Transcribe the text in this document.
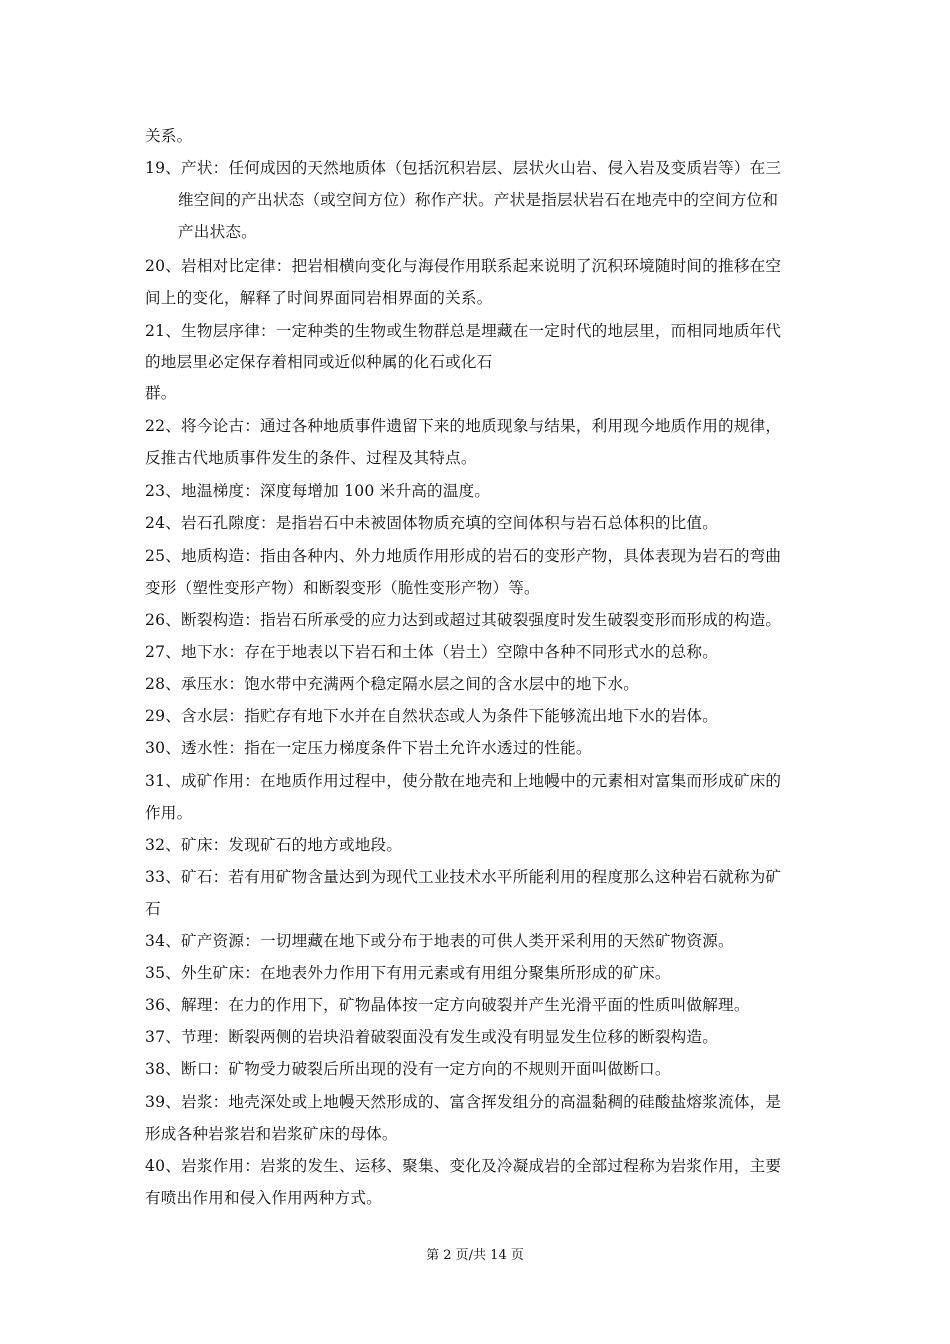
关系。
19、产状：任何成因的天然地质体（包括沉积岩层、层状火山岩、侵入岩及变质岩等）在三
维空间的产出状态（或空间方位）称作产状。产状是指层状岩石在地壳中的空间方位和
产出状态。
20、岩相对比定律：把岩相横向变化与海侵作用联系起来说明了沉积环境随时间的推移在空
间上的变化，解释了时间界面同岩相界面的关系。
21、生物层序律：一定种类的生物或生物群总是埋藏在一定时代的地层里，而相同地质年代
的地层里必定保存着相同或近似种属的化石或化石
群。
22、将今论古：通过各种地质事件遗留下来的地质现象与结果，利用现今地质作用的规律，
反推古代地质事件发生的条件、过程及其特点。
23、地温梯度：深度每增加 100 米升高的温度。
24、岩石孔隙度：是指岩石中未被固体物质充填的空间体积与岩石总体积的比值。
25、地质构造：指由各种内、外力地质作用形成的岩石的变形产物，具体表现为岩石的弯曲
变形（塑性变形产物）和断裂变形（脆性变形产物）等。
26、断裂构造：指岩石所承受的应力达到或超过其破裂强度时发生破裂变形而形成的构造。
27、地下水：存在于地表以下岩石和土体（岩土）空隙中各种不同形式水的总称。
28、承压水：饱水带中充满两个稳定隔水层之间的含水层中的地下水。
29、含水层：指贮存有地下水并在自然状态或人为条件下能够流出地下水的岩体。
30、透水性：指在一定压力梯度条件下岩土允许水透过的性能。
31、成矿作用：在地质作用过程中，使分散在地壳和上地幔中的元素相对富集而形成矿床的
作用。
32、矿床：发现矿石的地方或地段。
33、矿石：若有用矿物含量达到为现代工业技术水平所能利用的程度那么这种岩石就称为矿
石
34、矿产资源：一切埋藏在地下或分布于地表的可供人类开采利用的天然矿物资源。
35、外生矿床：在地表外力作用下有用元素或有用组分聚集所形成的矿床。
36、解理：在力的作用下，矿物晶体按一定方向破裂并产生光滑平面的性质叫做解理。
37、节理：断裂两侧的岩块沿着破裂面没有发生或没有明显发生位移的断裂构造。
38、断口：矿物受力破裂后所出现的没有一定方向的不规则开面叫做断口。
39、岩浆：地壳深处或上地幔天然形成的、富含挥发组分的高温黏稠的硅酸盐熔浆流体，是
形成各种岩浆岩和岩浆矿床的母体。
40、岩浆作用：岩浆的发生、运移、聚集、变化及冷凝成岩的全部过程称为岩浆作用，主要
有喷出作用和侵入作用两种方式。
第 2 页/共 14 页
